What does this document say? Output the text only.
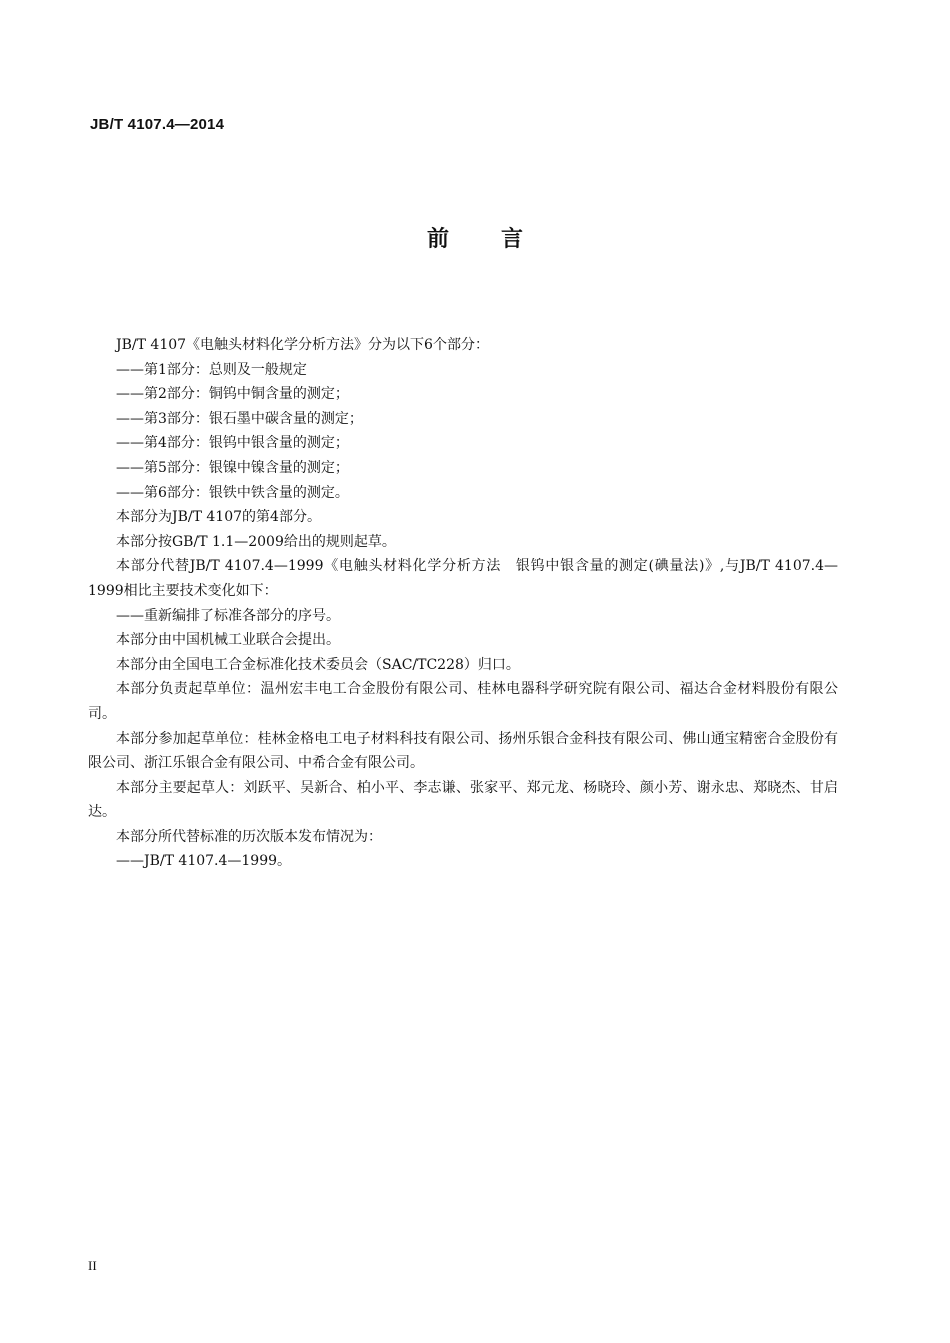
JB/T 4107.4—2014
前 言

JB/T 4107《电触头材料化学分析方法》分为以下6个部分：

——第1部分：总则及一般规定

——第2部分：铜钨中铜含量的测定；

——第3部分：银石墨中碳含量的测定；

——第4部分：银钨中银含量的测定；

——第5部分：银镍中镍含量的测定；

——第6部分：银铁中铁含量的测定。

本部分为JB/T 4107的第4部分。

本部分按GB/T 1.1—2009给出的规则起草。

本部分代替JB/T 4107.4—1999《电触头材料化学分析方法　银钨中银含量的测定(碘量法)》,与JB/T 4107.4—1999相比主要技术变化如下：

——重新编排了标准各部分的序号。

本部分由中国机械工业联合会提出。

本部分由全国电工合金标准化技术委员会（SAC/TC228）归口。

本部分负责起草单位：温州宏丰电工合金股份有限公司、桂林电器科学研究院有限公司、福达合金材料股份有限公司。

本部分参加起草单位：桂林金格电工电子材料科技有限公司、扬州乐银合金科技有限公司、佛山通宝精密合金股份有限公司、浙江乐银合金有限公司、中希合金有限公司。

本部分主要起草人：刘跃平、吴新合、柏小平、李志谦、张家平、郑元龙、杨晓玲、颜小芳、谢永忠、郑晓杰、甘启达。

本部分所代替标准的历次版本发布情况为：

——JB/T 4107.4—1999。

II
